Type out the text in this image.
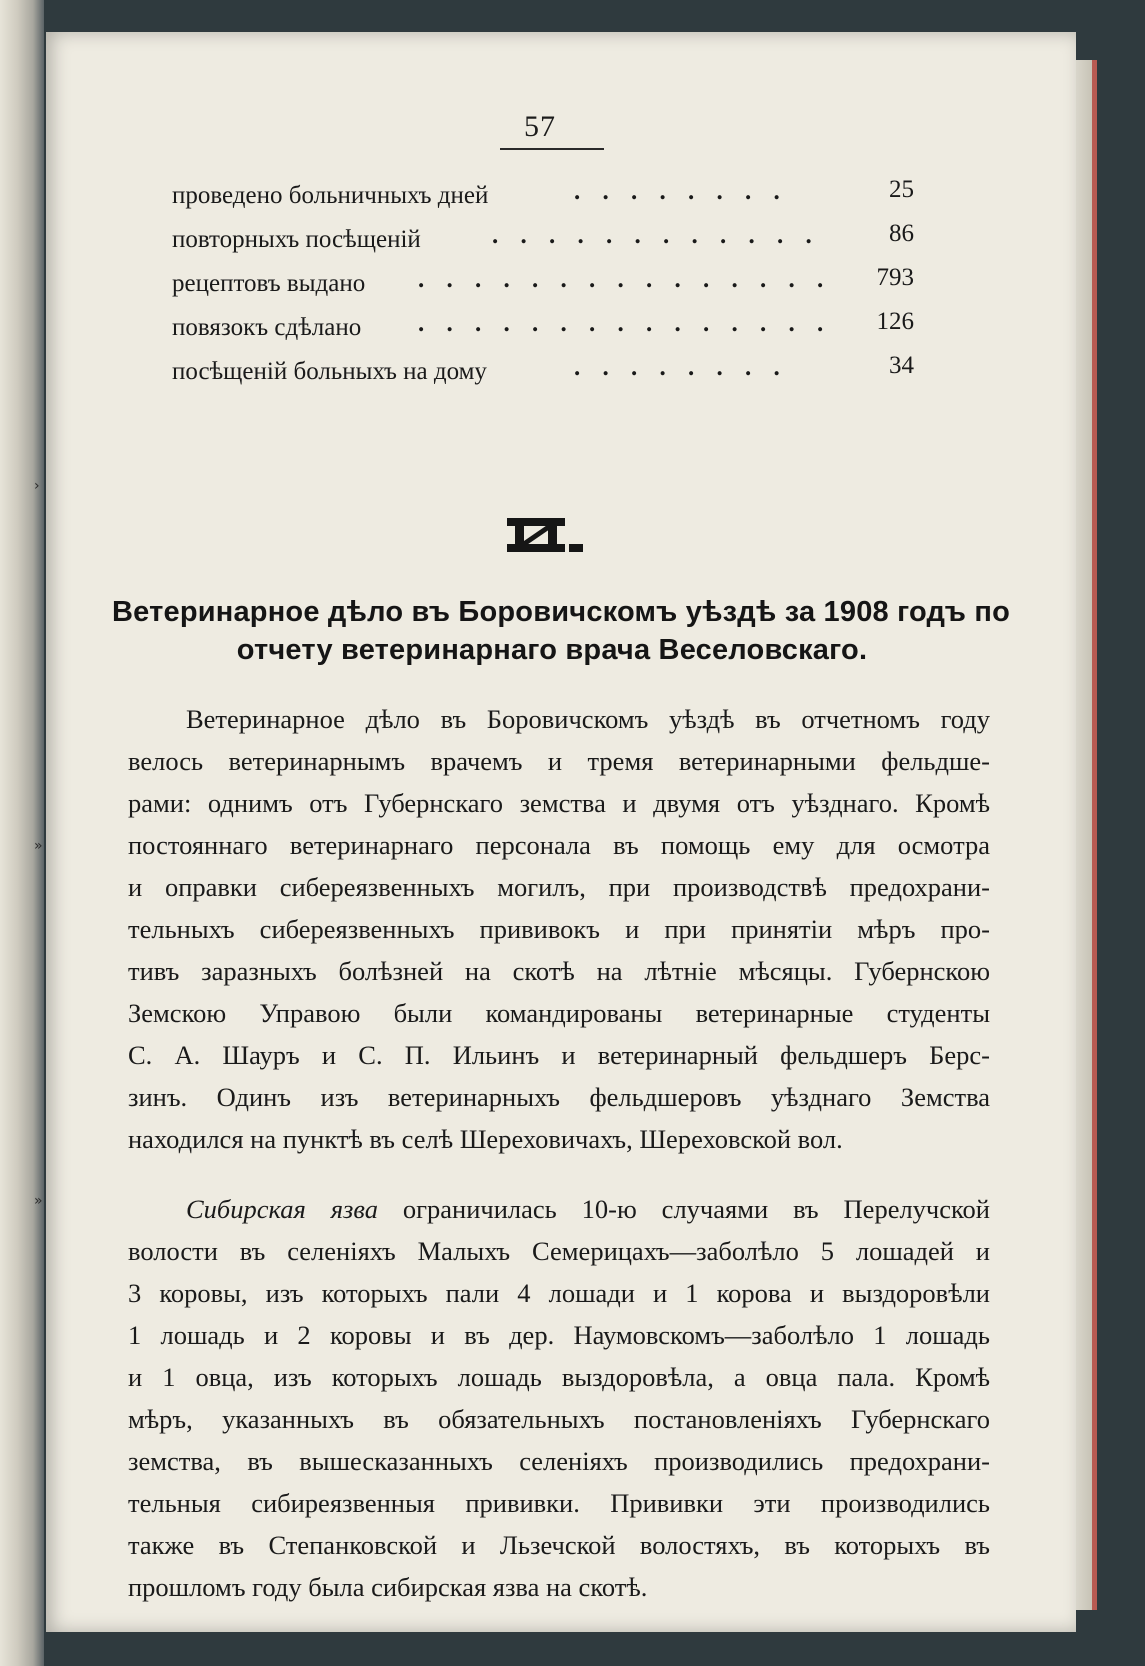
›
»
»
57
проведено больничныхъ дней	. . . . . . . .	25
повторныхъ посѣщеній	. . . . . . . . . . . .	86
рецептовъ выдано . . . . . . . . . . . . . . . 793
повязокъ сдѣлано . . . . . . . . . . . . . . . 126
посѣщеній больныхъ на дому	. . . . . . . .	34
Ветеринарное дѣло въ Боровичскомъ уѣздѣ за 1908 годъ по
отчету ветеринарнаго врача Веселовскаго.
Ветеринарное дѣло въ Боровичскомъ уѣздѣ въ отчетномъ году
велось ветеринарнымъ врачемъ и тремя ветеринарными фельдше-
рами: однимъ отъ Губернскаго земства и двумя отъ уѣзднаго. Кромѣ
постояннаго ветеринарнаго персонала въ помощь ему для осмотра
и оправки сибереязвенныхъ могилъ, при производствѣ предохрани-
тельныхъ сибереязвенныхъ прививокъ и при принятіи мѣръ про-
тивъ заразныхъ болѣзней на скотѣ на лѣтніе мѣсяцы. Губернскою
Земскою Управою были командированы ветеринарные студенты
С. А. Шауръ и С. П. Ильинъ и ветеринарный фельдшеръ Берс-
зинъ. Одинъ изъ ветеринарныхъ фельдшеровъ уѣзднаго Земства
находился на пунктѣ въ селѣ Шереховичахъ, Шереховской вол.
Сибирская язва ограничилась 10-ю случаями въ Перелучской
волости въ селеніяхъ Малыхъ Семерицахъ—заболѣло 5 лошадей и
3 коровы, изъ которыхъ пали 4 лошади и 1 корова и выздоровѣли
1 лошадь и 2 коровы и въ дер. Наумовскомъ—заболѣло 1 лошадь
и 1 овца, изъ которыхъ лошадь выздоровѣла, а овца пала. Кромѣ
мѣръ, указанныхъ въ обязательныхъ постановленіяхъ Губернскаго
земства, въ вышесказанныхъ селеніяхъ производились предохрани-
тельныя сибиреязвенныя прививки. Прививки эти производились
также въ Степанковской и Льзечской волостяхъ, въ которыхъ въ
прошломъ году была сибирская язва на скотѣ.
